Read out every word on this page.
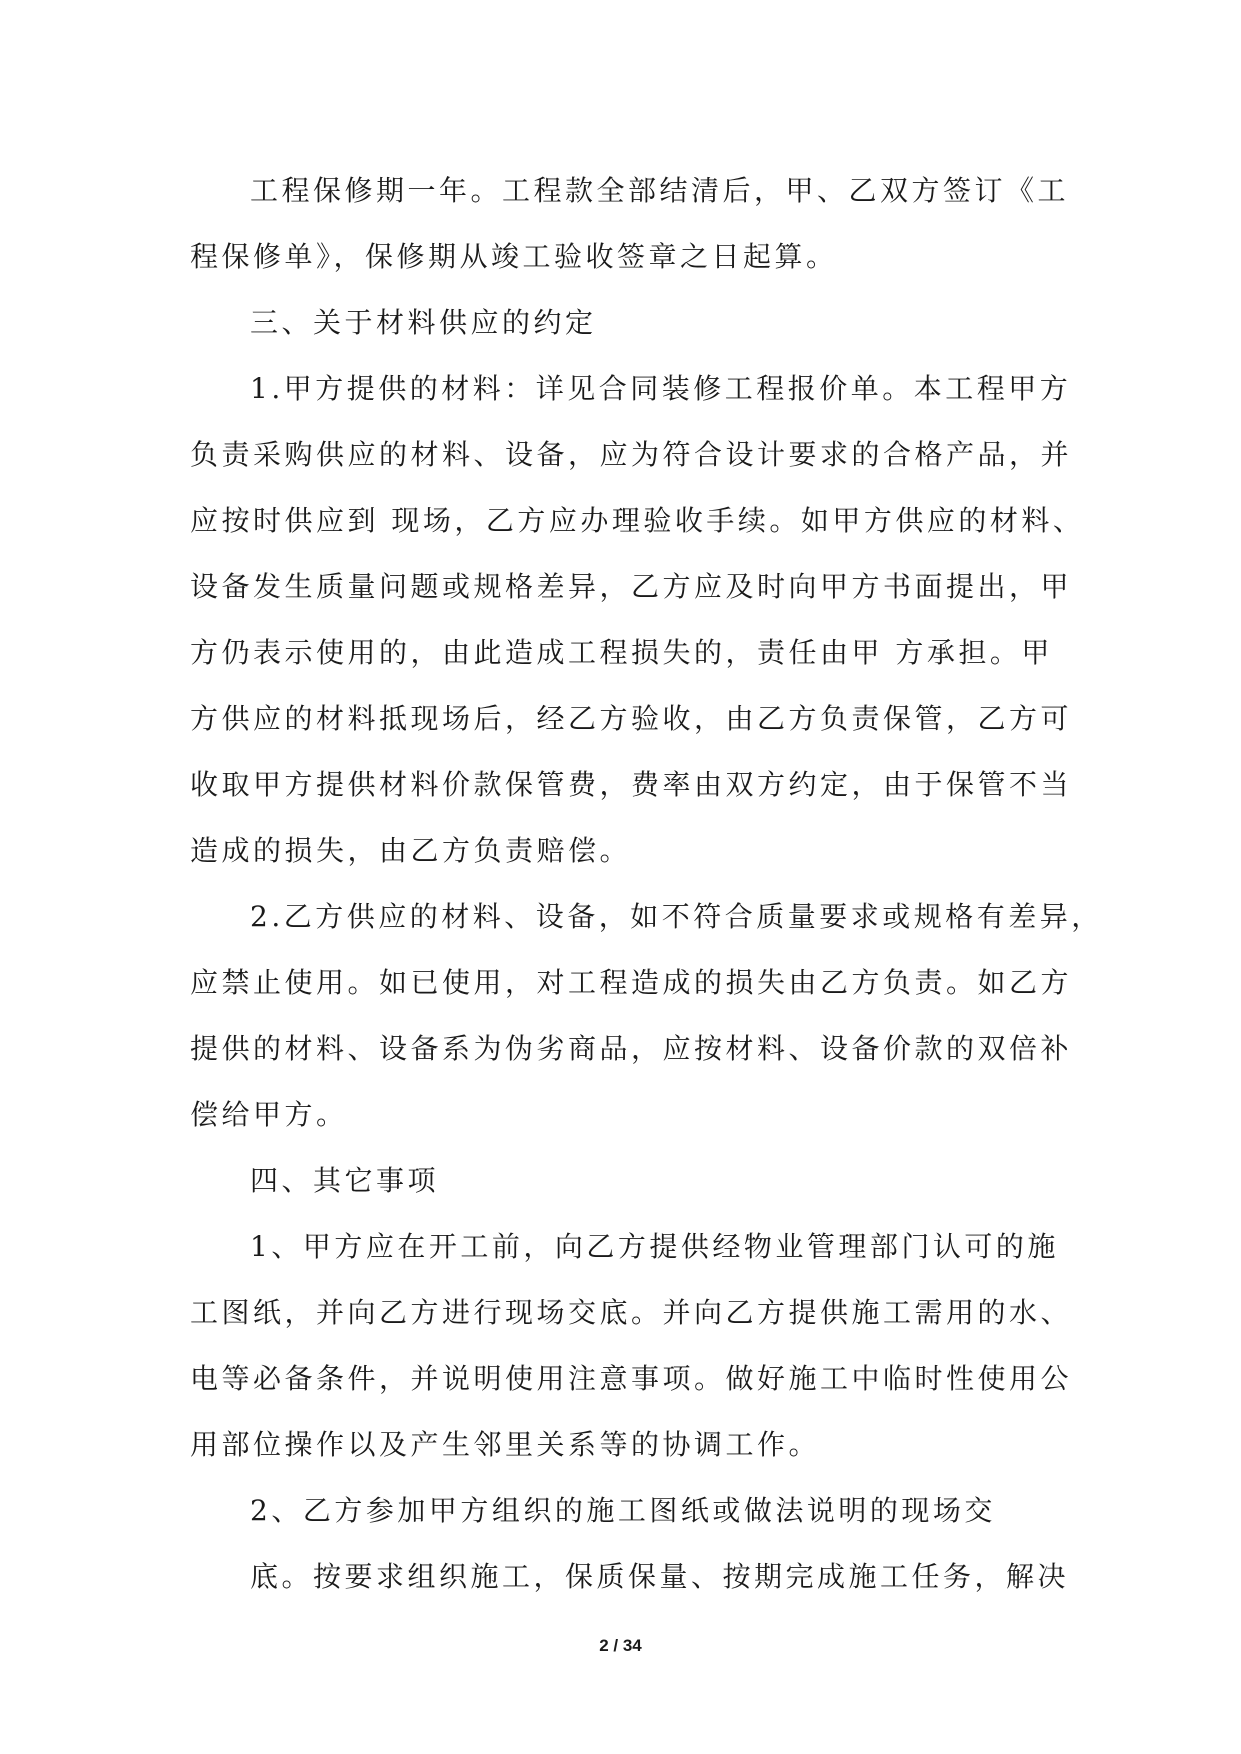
工程保修期一年。工程款全部结清后，甲、乙双方签订《工
程保修单》，保修期从竣工验收签章之日起算。
三、关于材料供应的约定
1.甲方提供的材料：详见合同装修工程报价单。本工程甲方
负责采购供应的材料、设备，应为符合设计要求的合格产品，并
应按时供应到 现场，乙方应办理验收手续。如甲方供应的材料、
设备发生质量问题或规格差异，乙方应及时向甲方书面提出，甲
方仍表示使用的，由此造成工程损失的，责任由甲 方承担。甲
方供应的材料抵现场后，经乙方验收，由乙方负责保管，乙方可
收取甲方提供材料价款保管费，费率由双方约定，由于保管不当
造成的损失，由乙方负责赔偿。
2.乙方供应的材料、设备，如不符合质量要求或规格有差异，
应禁止使用。如已使用，对工程造成的损失由乙方负责。如乙方
提供的材料、设备系为伪劣商品，应按材料、设备价款的双倍补
偿给甲方。
四、其它事项
1、甲方应在开工前，向乙方提供经物业管理部门认可的施
工图纸，并向乙方进行现场交底。并向乙方提供施工需用的水、
电等必备条件，并说明使用注意事项。做好施工中临时性使用公
用部位操作以及产生邻里关系等的协调工作。
2、乙方参加甲方组织的施工图纸或做法说明的现场交
底。按要求组织施工，保质保量、按期完成施工任务，解决
2 / 34
